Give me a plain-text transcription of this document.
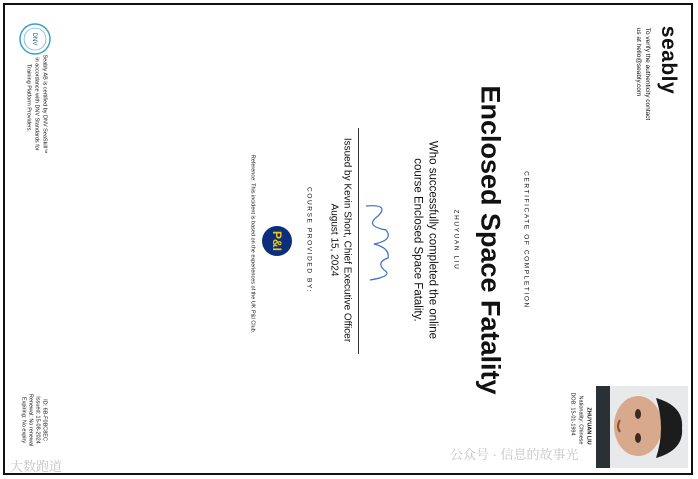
seably
To verify the authenticity contact
us at hello@seably.com
ZHUYUAN LIU
Nationality: Chinese
DOB: 15-01-1994
CERTIFICATE OF COMPLETION
Enclosed Space Fatality
ZHUYUAN LIU
Who successfully completed the online
course Enclosed Space Fatality.
Issued by Kevin Short, Chief Executive Officer
August 15, 2024
COURSE PROVIDED BY:
P&I
Reference: This incident is based on the experiences of the UK P&I Club.
DNV
Seably AB is certified by DNV SeaSkill™
in accordance with DNV Standards for
Training Platform Providers.
ID: 6B-F0BC8EC
Issued: 15-08-2024
Renewal: No renewal
Expiring: No expiry
大数跑道
公众号 · 信息的故事光
